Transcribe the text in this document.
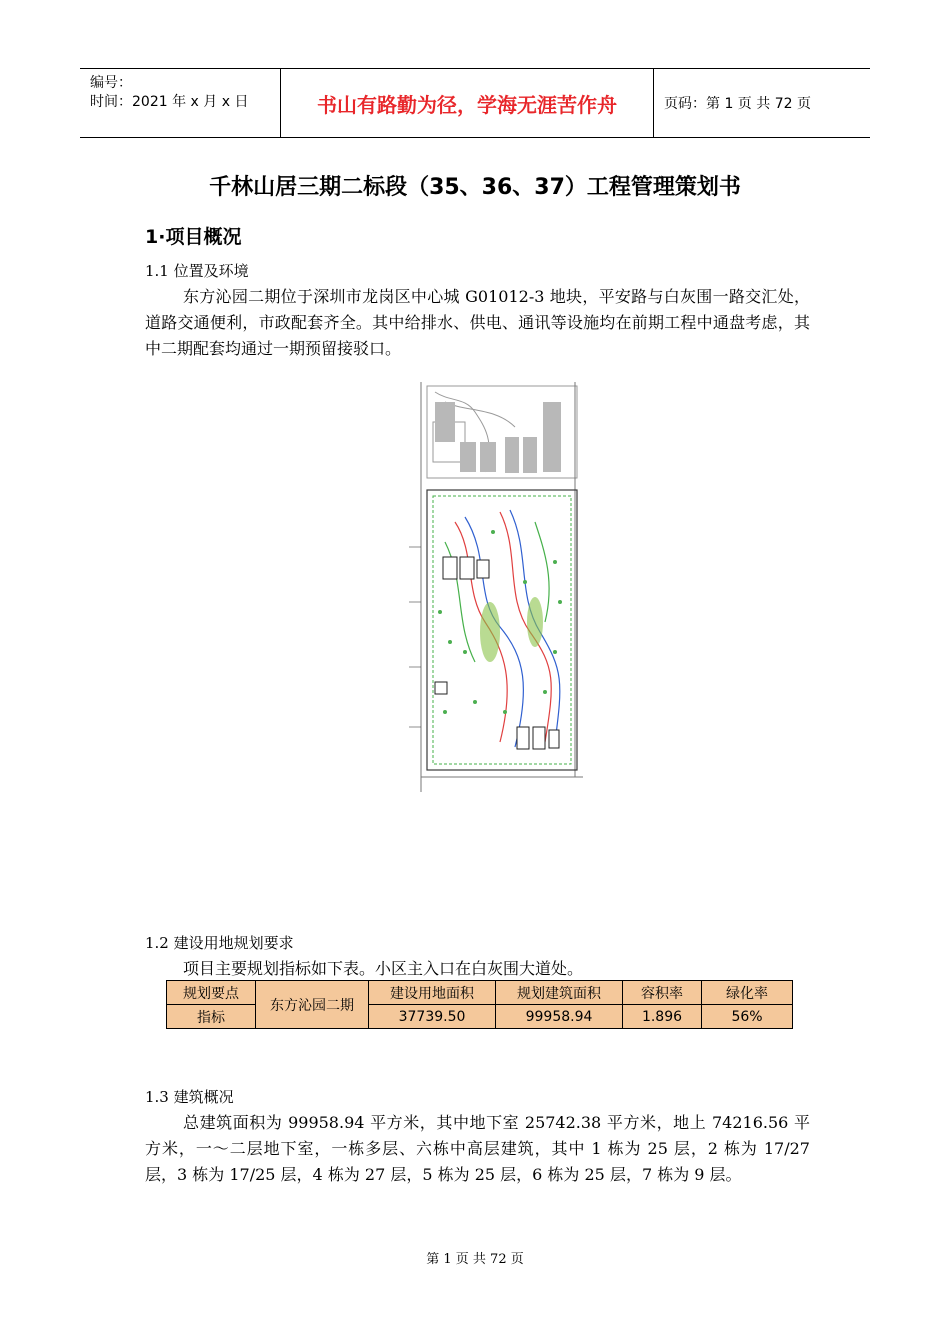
编号：
时间：2021 年 x 月 x 日	书山有路勤为径，学海无涯苦作舟	页码：第 1 页 共 72 页
千林山居三期二标段（35、36、37）工程管理策划书
1·项目概况
1.1 位置及环境
东方沁园二期位于深圳市龙岗区中心城 G01012-3 地块，平安路与白灰围一路交汇处，道路交通便利，市政配套齐全。其中给排水、供电、通讯等设施均在前期工程中通盘考虑，其中二期配套均通过一期预留接驳口。
1.2 建设用地规划要求
项目主要规划指标如下表。小区主入口在白灰围大道处。
规划要点	东方沁园二期	建设用地面积	规划建筑面积	容积率	绿化率
指标		37739.50	99958.94	1.896	56%
1.3 建筑概况
总建筑面积为 99958.94 平方米，其中地下室 25742.38 平方米，地上 74216.56 平方米，一～二层地下室，一栋多层、六栋中高层建筑，其中 1 栋为 25 层，2 栋为 17/27 层，3 栋为 17/25 层，4 栋为 27 层，5 栋为 25 层，6 栋为 25 层，7 栋为 9 层。
第 1 页 共 72 页
